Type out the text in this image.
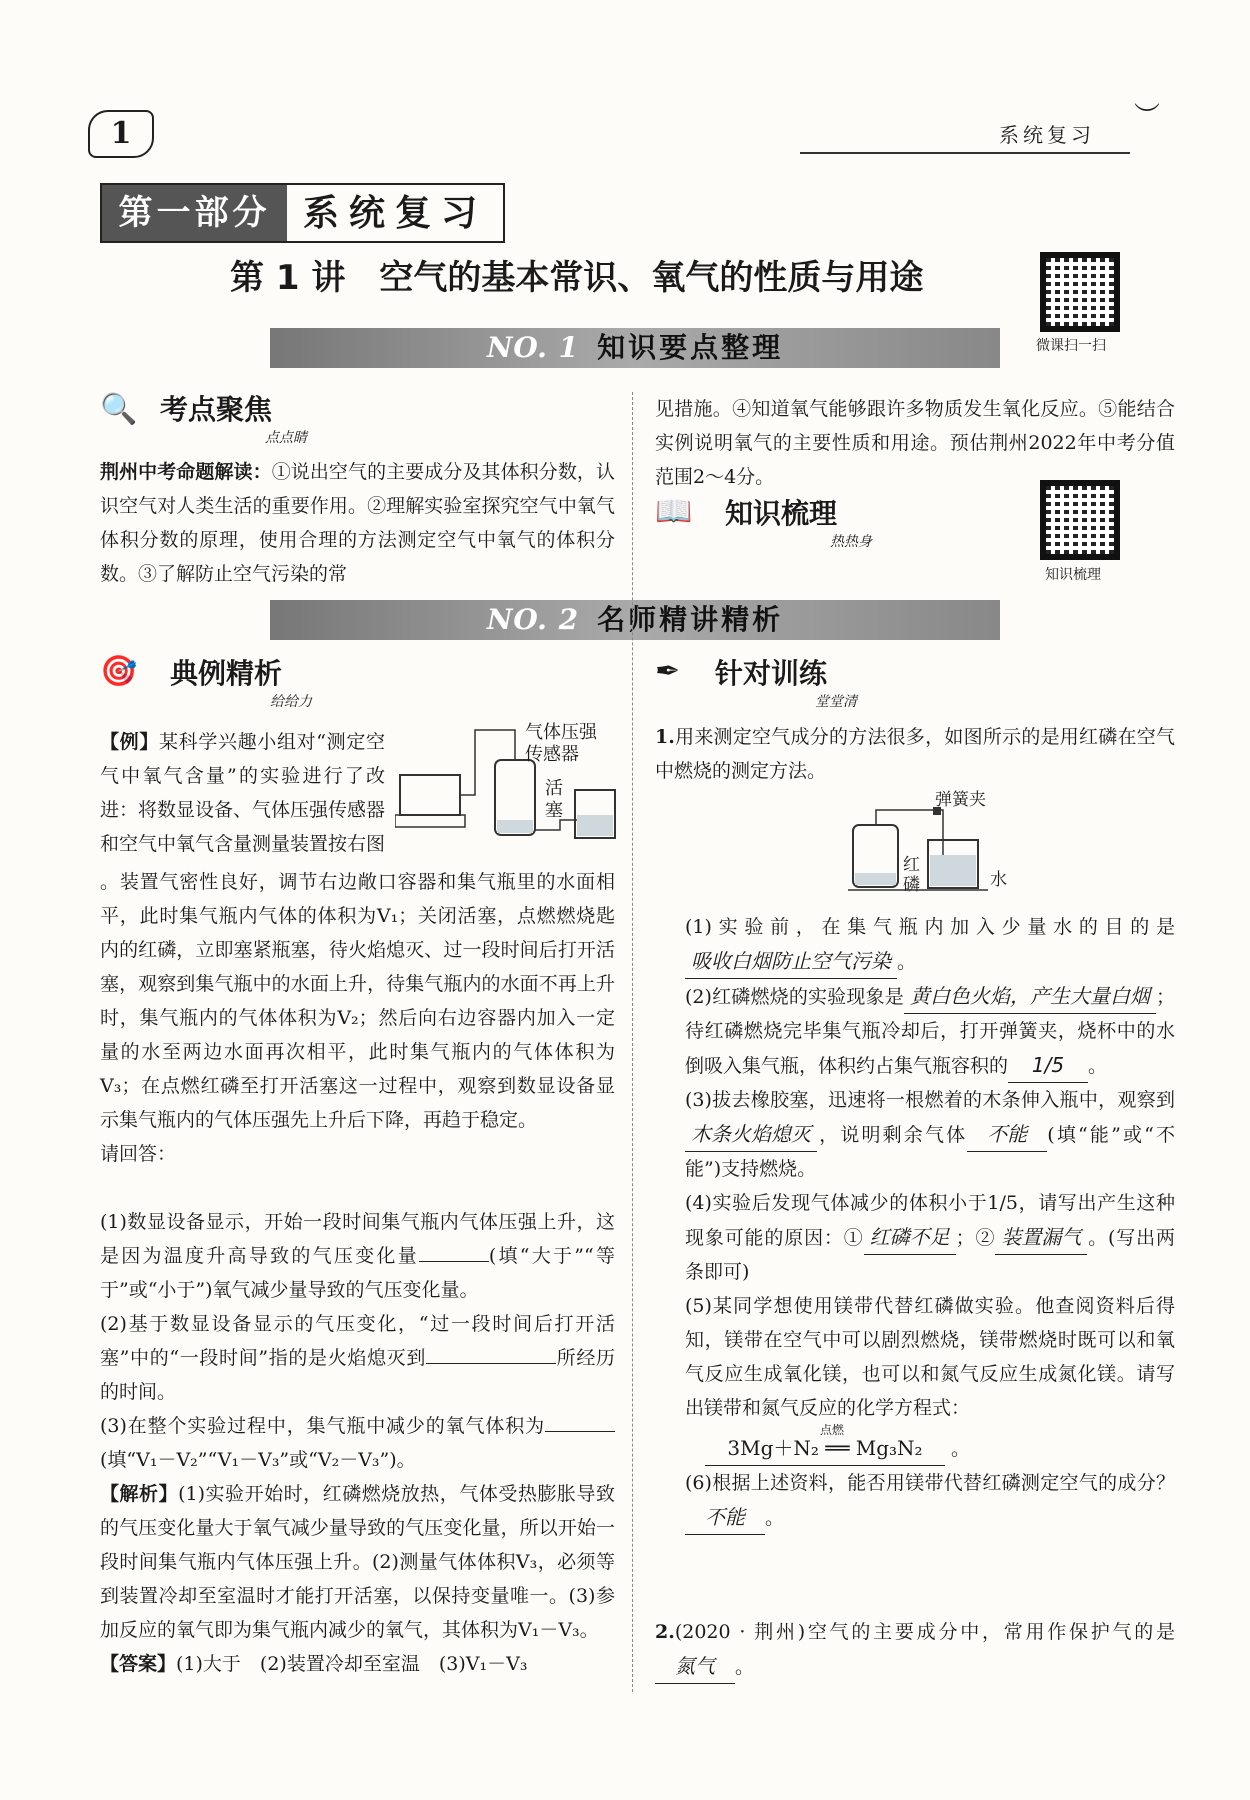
1	系统复习
︶
第一部分 系统复习
第 1 讲　空气的基本常识、氧气的性质与用途
微课扫一扫
NO. 1 知识要点整理
🔍 考点聚焦
点点睛
荆州中考命题解读：①说出空气的主要成分及其体积分数，认识空气对人类生活的重要作用。②理解实验室探究空气中氧气体积分数的原理，使用合理的方法测定空气中氧气的体积分数。③了解防止空气污染的常
见措施。④知道氧气能够跟许多物质发生氧化反应。⑤能结合实例说明氧气的主要性质和用途。预估荆州2022年中考分值范围2～4分。
📖 知识梳理
热热身
知识梳理
NO. 2 名师精讲精析
🎯 典例精析
给给力
气体压强
传感器
活
塞
【例】某科学兴趣小组对“测定空气中氧气含量”的实验进行了改进：将数显设备、气体压强传感器和空气中氧气含量测量装置按右图
。装置气密性良好，调节右边敞口容器和集气瓶里的水面相平，此时集气瓶内气体的体积为V₁；关闭活塞，点燃燃烧匙内的红磷，立即塞紧瓶塞，待火焰熄灭、过一段时间后打开活塞，观察到集气瓶中的水面上升，待集气瓶内的水面不再上升时，集气瓶内的气体体积为V₂；然后向右边容器内加入一定量的水至两边水面再次相平，此时集气瓶内的气体体积为V₃；在点燃红磷至打开活塞这一过程中，观察到数显设备显示集气瓶内的气体压强先上升后下降，再趋于稳定。
请回答：
(1)数显设备显示，开始一段时间集气瓶内气体压强上升，这是因为温度升高导致的气压变化量	(填“大于”“等于”或“小于”)氧气减少量导致的气压变化量。
(2)基于数显设备显示的气压变化，“过一段时间后打开活塞”中的“一段时间”指的是火焰熄灭到	所经历的时间。
(3)在整个实验过程中，集气瓶中减少的氧气体积为(填“V₁－V₂”“V₁－V₃”或“V₂－V₃”)。
【解析】(1)实验开始时，红磷燃烧放热，气体受热膨胀导致的气压变化量大于氧气减少量导致的气压变化量，所以开始一段时间集气瓶内气体压强上升。(2)测量气体体积V₃，必须等到装置冷却至室温时才能打开活塞，以保持变量唯一。(3)参加反应的氧气即为集气瓶内减少的氧气，其体积为V₁－V₃。
【答案】(1)大于　(2)装置冷却至室温　(3)V₁－V₃
✒ 针对训练
堂堂清
1.用来测定空气成分的方法很多，如图所示的是用红磷在空气中燃烧的测定方法。
弹簧夹
红磷	水
(1)实验前，在集气瓶内加入少量水的目的是吸收白烟防止空气污染 。
(2)红磷燃烧的实验现象是 黄白色火焰，产生大量白烟 ；待红磷燃烧完毕集气瓶冷却后，打开弹簧夹，烧杯中的水倒吸入集气瓶，体积约占集气瓶容积的 1/5 。
(3)拔去橡胶塞，迅速将一根燃着的木条伸入瓶中，观察到木条火焰熄灭 ，说明剩余气体 不能 (填“能”或“不能”)支持燃烧。
(4)实验后发现气体减少的体积小于1/5，请写出产生这种现象可能的原因：① 红磷不足 ；② 装置漏气 。(写出两条即可)
(5)某同学想使用镁带代替红磷做实验。他查阅资料后得知，镁带在空气中可以剧烈燃烧，镁带燃烧时既可以和氧气反应生成氧化镁，也可以和氮气反应生成氮化镁。请写出镁带和氮气反应的化学方程式：
3Mg＋N₂ ══ Mg₃N₂
点燃
。
(6)根据上述资料，能否用镁带代替红磷测定空气的成分？不能 。
2.(2020 · 荆州)空气的主要成分中，常用作保护气的是氮气 。
